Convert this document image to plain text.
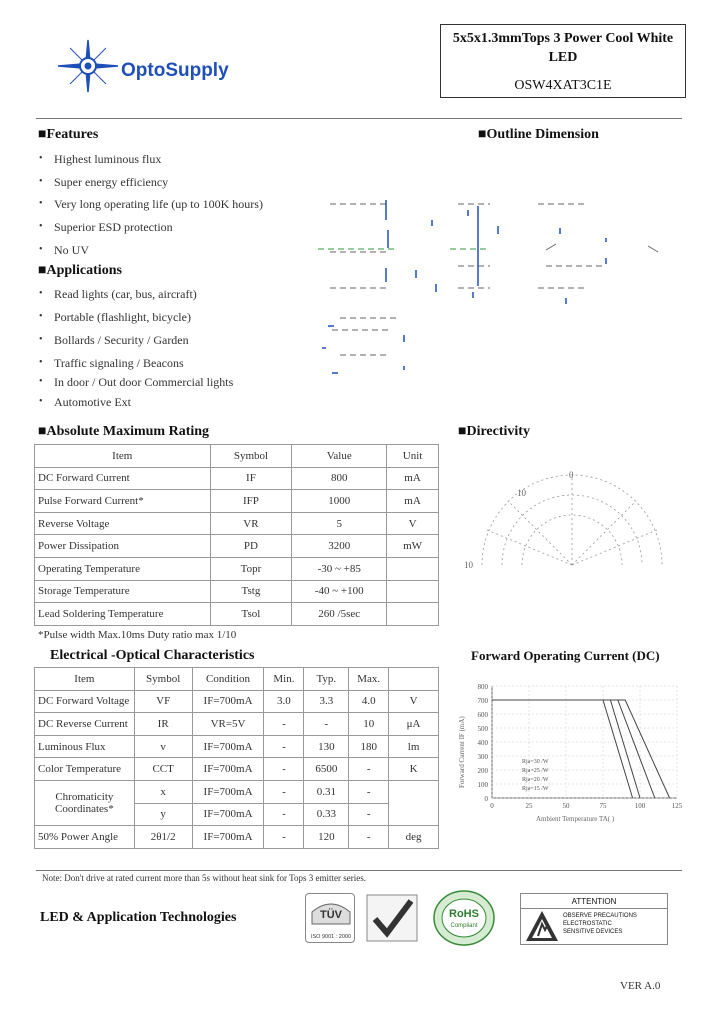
OptoSupply
5x5x1.3mmTops 3 Power Cool White
LED
OSW4XAT3C1E
■Features
• Highest luminous flux
• Super energy efficiency
• Very long operating life (up to 100K hours)
• Superior ESD protection
• No UV
■Applications
• Read lights (car, bus, aircraft)
• Portable (flashlight, bicycle)
• Bollards / Security / Garden
• Traffic signaling / Beacons
• In door / Out door Commercial lights
• Automotive Ext
■Outline Dimension
■Absolute Maximum Rating
Item	Symbol	Value	Unit
DC Forward Current	IF	800	mA
Pulse Forward Current*	IFP	1000	mA
Reverse Voltage	VR	5	V
Power Dissipation	PD	3200	mW
Operating Temperature	Topr	-30 ~ +85	
Storage Temperature	Tstg	-40 ~ +100	
Lead Soldering Temperature	Tsol	260 /5sec	
*Pulse width Max.10ms Duty ratio max 1/10
■Directivity
10
0
10
Electrical -Optical Characteristics
Item	Symbol	Condition	Min.	Typ.	Max.	
DC Forward Voltage	VF	IF=700mA	3.0	3.3	4.0	V
DC Reverse Current	IR	VR=5V	-	-	10	μA
Luminous Flux	v	IF=700mA	-	130	180	lm
Color Temperature	CCT	IF=700mA	-	6500	-	K

Chromaticity
Coordinates*	x	IF=700mA	-	0.31	-	
	y	IF=700mA	-	0.33	-	
50% Power Angle	2θ1/2	IF=700mA	-	120	-	deg
Forward Operating Current (DC)
Forward Current IF (mA)
Ambient Temperature TA( )
800
700
600
500
400
300
200
100
0
0	25	50	75	100	125
Rja=30 /W
Rja=25 /W
Rja=20 /W
Rja=15 /W
Note: Don't drive at rated current more than 5s without heat sink for Tops 3 emitter series.
LED & Application Technologies	TÜV
ISO 9001 : 2000
RoHS
Compliant
ATTENTION
OBSERVE PRECAUTIONS
ELECTROSTATIC
SENSITIVE DEVICES
VER A.0
